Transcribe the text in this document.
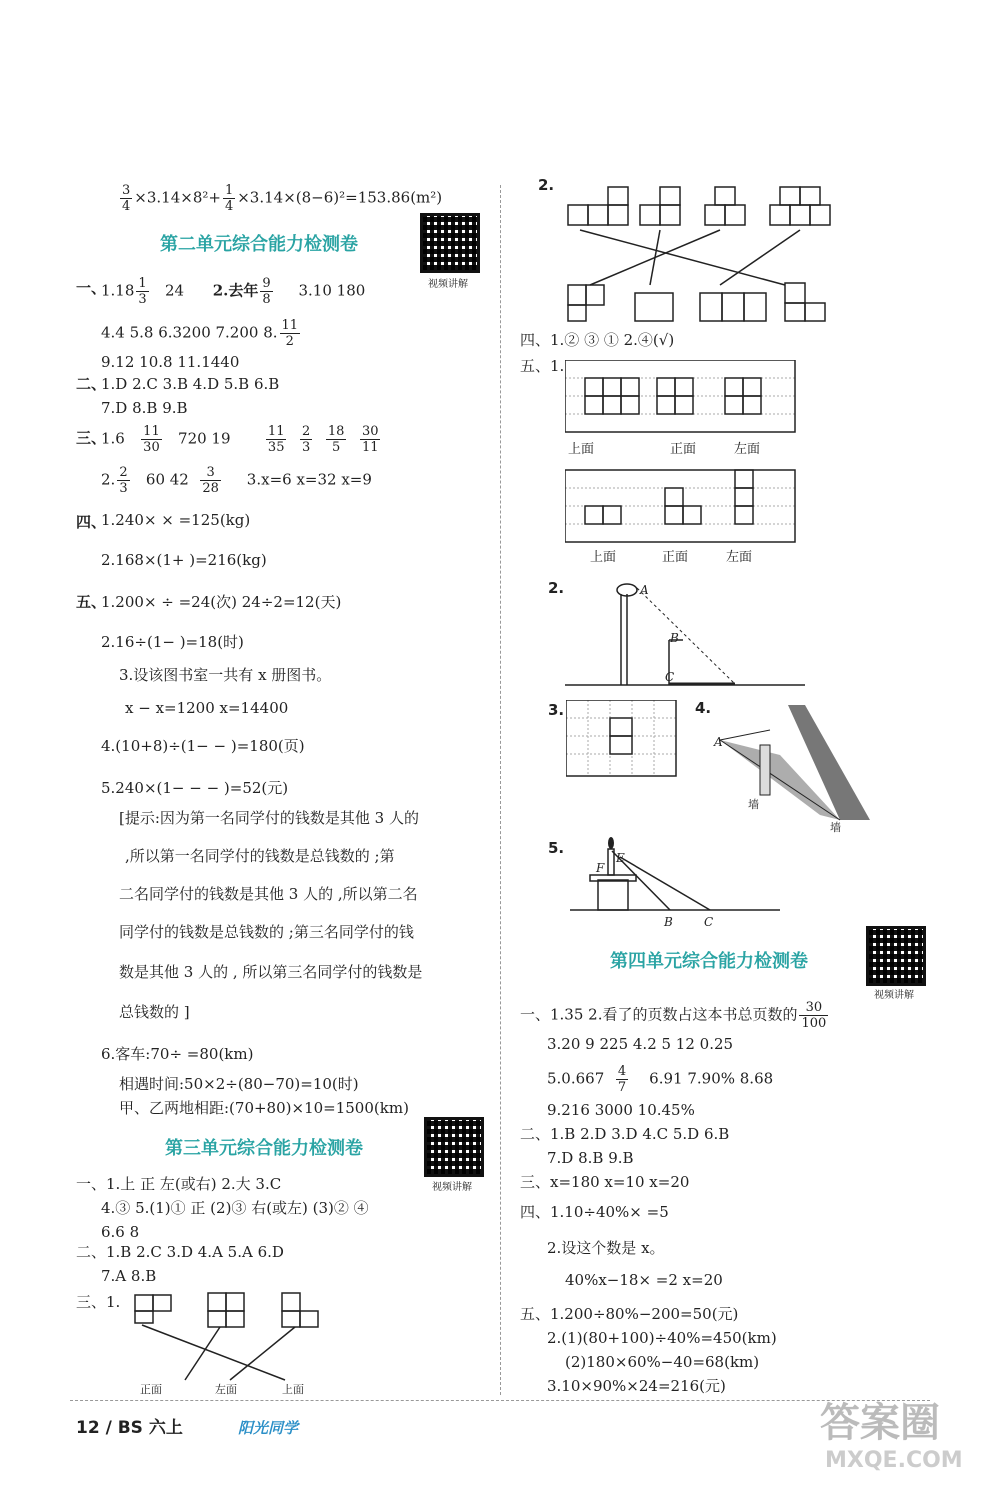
$\frac{3}{4} \times 3.14\times 8^2+ \frac{1}{4} \times 3.14\times(8-6)^2=153.86(m^2)$
第二单元综合能力检测卷
视频讲解
一、
$1.18 \frac{1}{3} 24$ 2.去年 $\frac{9}{8} 3.10$ 180
4.4 5.8 6.3200 7.200 8. $\frac{11}{2}$
9.12 10.8 11.1440
二、
1.D 2.C 3.B 4.D 5.B 6.B
7.D 8.B 9.B
三、
$1.6 \frac{11}{30} 720$ 19	$\frac{11}{35}$
$\frac{2}{3}$
$\frac{18}{5}$
$\frac{30}{11}$
2. $\frac{2}{3} 60$ $42 \frac{3}{28} 3.x=6$ x=32 x=9
四、
1.240× × =125(kg)
2.168×(1+ )=216(kg)
五、
1.200× ÷ =24(次) 24÷2=12(天)
2.16÷(1− )=18(时)
3.设该图书室一共有 x 册图书。
x − x=1200 x=14400
4.(10+8)÷(1− − )=180(页)
5.240×(1− − − )=52(元)
[提示:因为第一名同学付的钱数是其他 3 人的
,所以第一名同学付的钱数是总钱数的 ;第
二名同学付的钱数是其他 3 人的 ,所以第二名
同学付的钱数是总钱数的 ;第三名同学付的钱
数是其他 3 人的 , 所以第三名同学付的钱数是
总钱数的 ]
6.客车:70÷ =80(km)
相遇时间:50×2÷(80−70)=10(时)
甲、乙两地相距:(70+80)×10=1500(km)
第三单元综合能力检测卷
视频讲解
一、1.上 正 左(或右) 2.大 3.C
4.③ 5.(1)① 正 (2)③ 右(或左) (3)② ④
6.6 8
二、1.B 2.C 3.D 4.A 5.A 6.D
7.A 8.B
三、1.
正面	左面	上面
2.
四、1.② ③ ① 2.④(√)
五、1.
上面	正面	左面
上面	正面	左面
2.	A
B
C
3.	4.
A
墙
墙
5.
F
E
B	C
第四单元综合能力检测卷
视频讲解
一、1.35 2.看了的页数占这本书总页数的 $\frac{30}{100}$
3.20 9 225 4.2 5 12 0.25
$5.0.667 \frac{4}{7} 6.91$ 7.90% 8.68
9.216 3000 10.45%
二、1.B 2.D 3.D 4.C 5.D 6.B
7.D 8.B 9.B
三、x=180 x=10 x=20
四、1.10÷40%× =5
2.设这个数是 x。
40%x−18× =2 x=20
五、1.200÷80%−200=50(元)
2.(1)(80+100)÷40%=450(km)
(2)180×60%−40=68(km)
3.10×90%×24=216(元)
12 / BS 六上	阳光同学	答案圈
MXQE.COM
